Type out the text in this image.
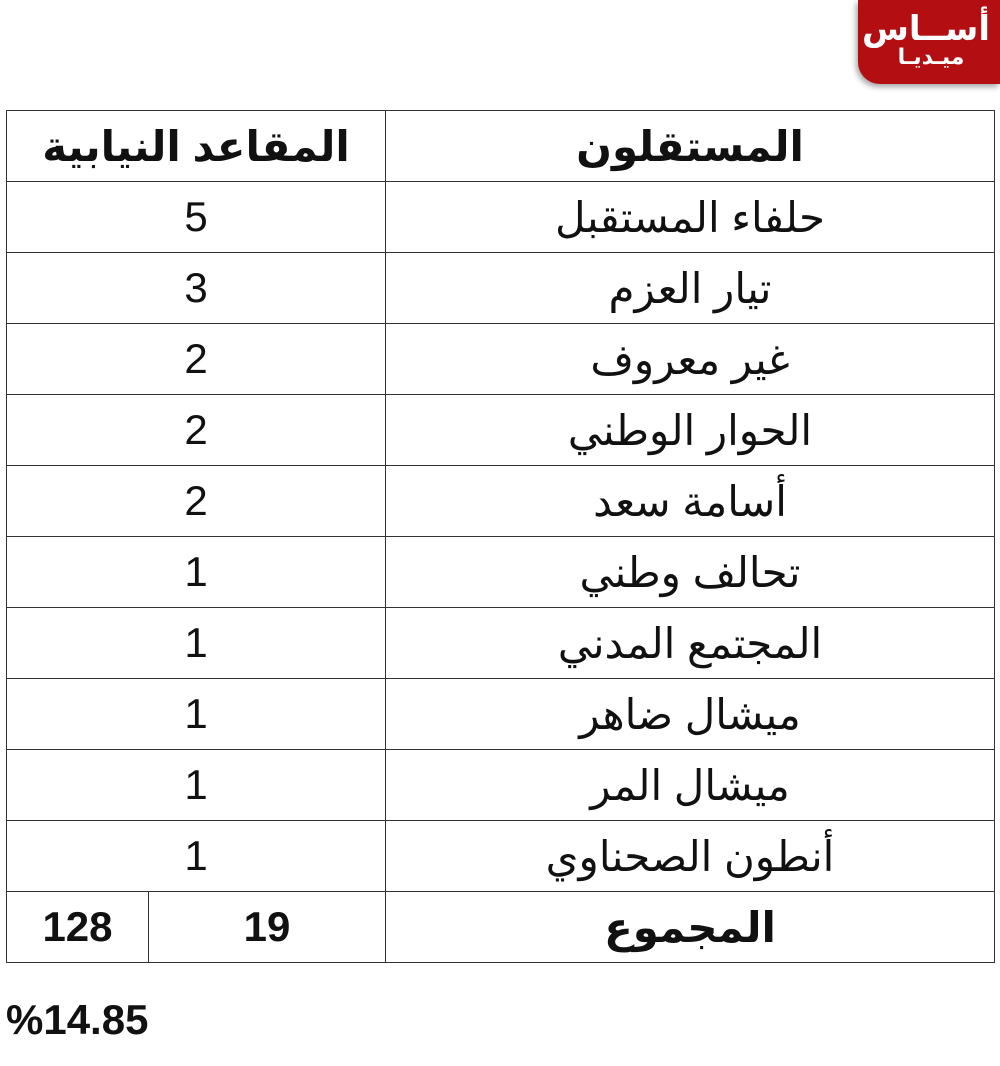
أســاس
ميـديـا
المقاعد النيابية		المستقلون
5		حلفاء المستقبل
3		تيار العزم
2		غير معروف
2		الحوار الوطني
2		أسامة سعد
1		تحالف وطني
1		المجتمع المدني
1		ميشال ضاهر
1		ميشال المر
1		أنطون الصحناوي
128	19	المجموع
%14.85
